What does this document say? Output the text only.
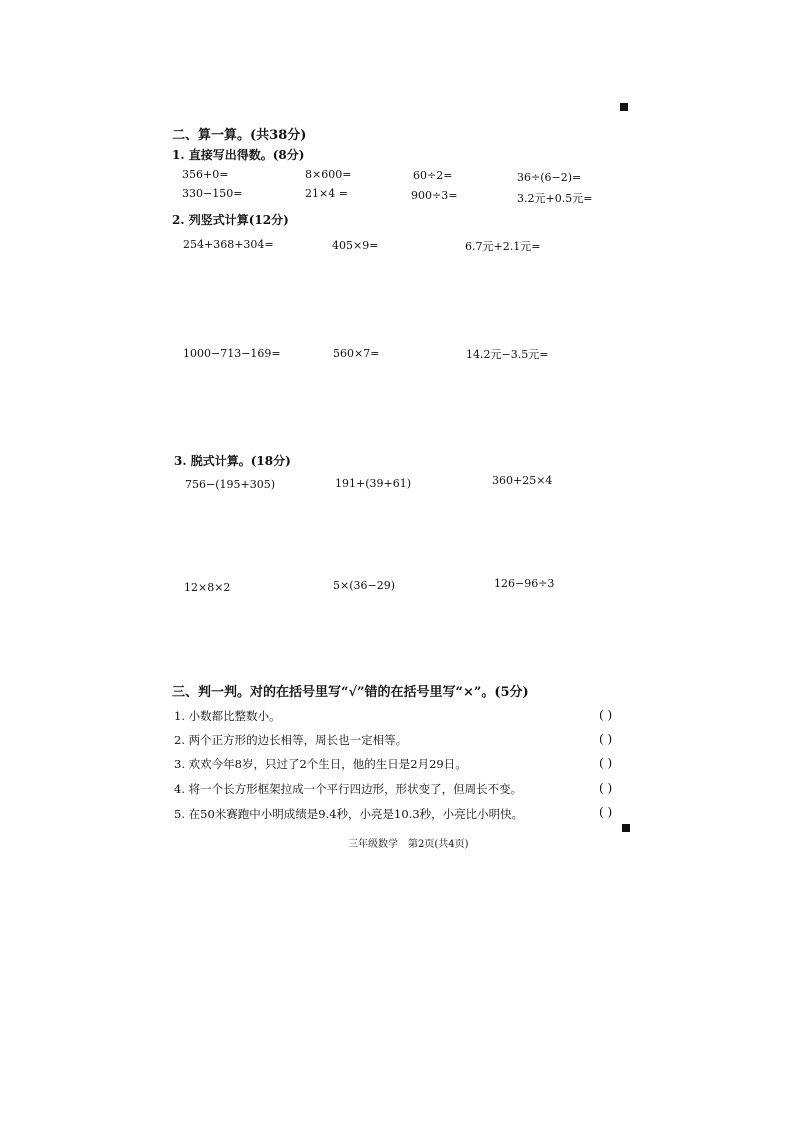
二、算一算。(共38分)
1. 直接写出得数。(8分)
356+0=	8×600=	60÷2=	36÷(6−2)=
330−150=	21×4 =	900÷3=	3.2元+0.5元=
2. 列竖式计算(12分)
254+368+304=	405×9=	6.7元+2.1元=
1000−713−169=	560×7=	14.2元−3.5元=
3. 脱式计算。(18分)
756−(195+305)	191+(39+61)	360+25×4
12×8×2	5×(36−29)	126−96÷3
三、判一判。对的在括号里写“√”错的在括号里写“×”。(5分)
1. 小数都比整数小。	( )
2. 两个正方形的边长相等，周长也一定相等。	( )
3. 欢欢今年8岁，只过了2个生日，他的生日是2月29日。	( )
4. 将一个长方形框架拉成一个平行四边形，形状变了，但周长不变。	( )
5. 在50米赛跑中小明成绩是9.4秒，小亮是10.3秒，小亮比小明快。	( )
三年级数学　第2页(共4页)
